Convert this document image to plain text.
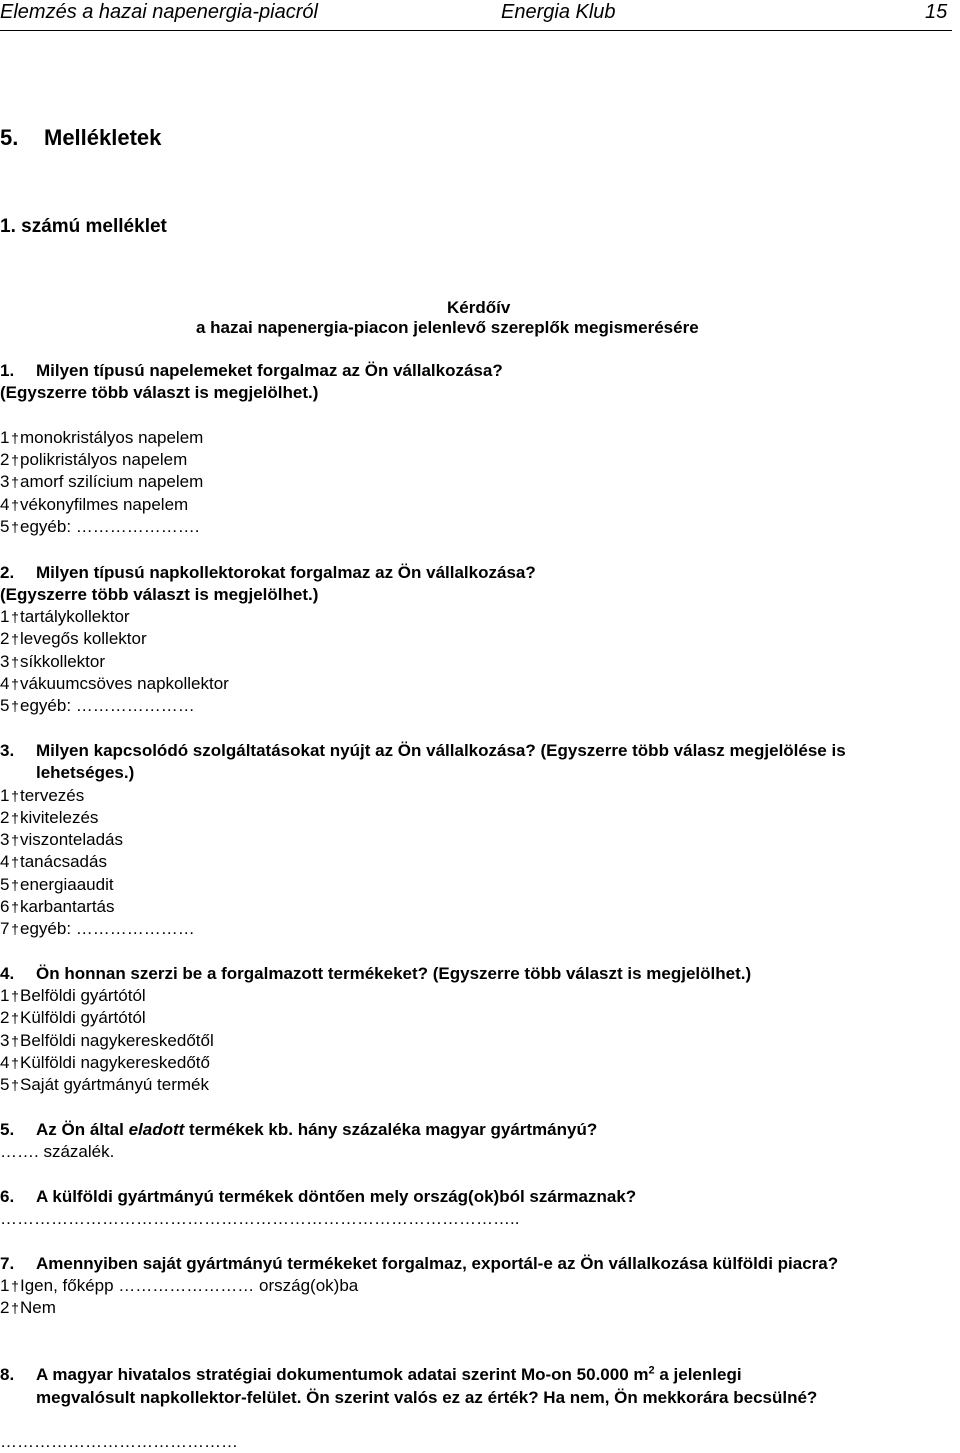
Elemzés a hazai napenergia-piacról	Energia Klub	15
5. Mellékletek
1. számú melléklet
Kérdőív
a hazai napenergia-piacon jelenlevő szereplők megismerésére
1. Milyen típusú napelemeket forgalmaz az Ön vállalkozása?
(Egyszerre több választ is megjelölhet.)
1 † monokristályos napelem
2 † polikristályos napelem
3 † amorf szilícium napelem
4 † vékonyfilmes napelem
5 † egyéb: ………………….
2. Milyen típusú napkollektorokat forgalmaz az Ön vállalkozása?
(Egyszerre több választ is megjelölhet.)
1 † tartálykollektor
2 † levegős kollektor
3 † síkkollektor
4 † vákuumcsöves napkollektor
5 † egyéb: …………………
3. Milyen kapcsolódó szolgáltatásokat nyújt az Ön vállalkozása? (Egyszerre több válasz megjelölése is
lehetséges.)
1 † tervezés
2 † kivitelezés
3 † viszonteladás
4 † tanácsadás
5 † energiaaudit
6 † karbantartás
7 † egyéb: …………………
4. Ön honnan szerzi be a forgalmazott termékeket? (Egyszerre több választ is megjelölhet.)
1 † Belföldi gyártótól
2 † Külföldi gyártótól
3 † Belföldi nagykereskedőtől
4 † Külföldi nagykereskedőtő
5 † Saját gyártmányú termék
5. Az Ön által eladott termékek kb. hány százaléka magyar gyártmányú?
……. százalék.
6. A külföldi gyártmányú termékek döntően mely ország(ok)ból származnak?
………………………………………………………………………………..
7. Amennyiben saját gyártmányú termékeket forgalmaz, exportál-e az Ön vállalkozása külföldi piacra?
1 † Igen, főképp …………………… ország(ok)ba
2 † Nem
8. A magyar hivatalos stratégiai dokumentumok adatai szerint Mo-on 50.000 $m^2$ a jelenlegi
megvalósult napkollektor-felület. Ön szerint valós ez az érték? Ha nem, Ön mekkorára becsülné?
……………………………………
